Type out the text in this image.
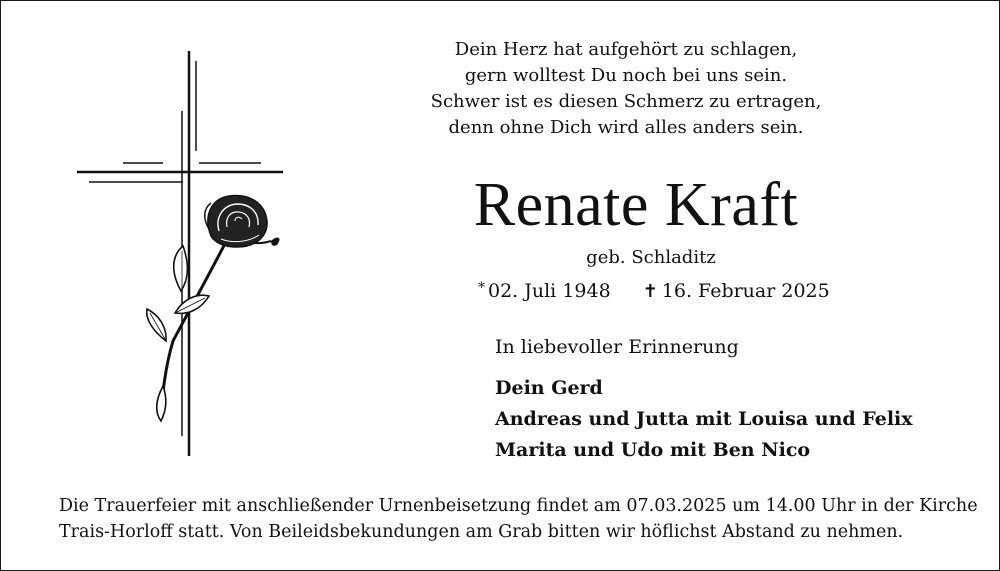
Dein Herz hat aufgehört zu schlagen,
gern wolltest Du noch bei uns sein.
Schwer ist es diesen Schmerz zu ertragen,
denn ohne Dich wird alles anders sein.
Renate Kraft
geb. Schladitz
* 02. Juli 1948 ✝ 16. Februar 2025
In liebevoller Erinnerung
Dein Gerd
Andreas und Jutta mit Louisa und Felix
Marita und Udo mit Ben Nico
Die Trauerfeier mit anschließender Urnenbeisetzung findet am 07.03.2025 um 14.00 Uhr in der Kirche
Trais-Horloff statt. Von Beileidsbekundungen am Grab bitten wir höflichst Abstand zu nehmen.
